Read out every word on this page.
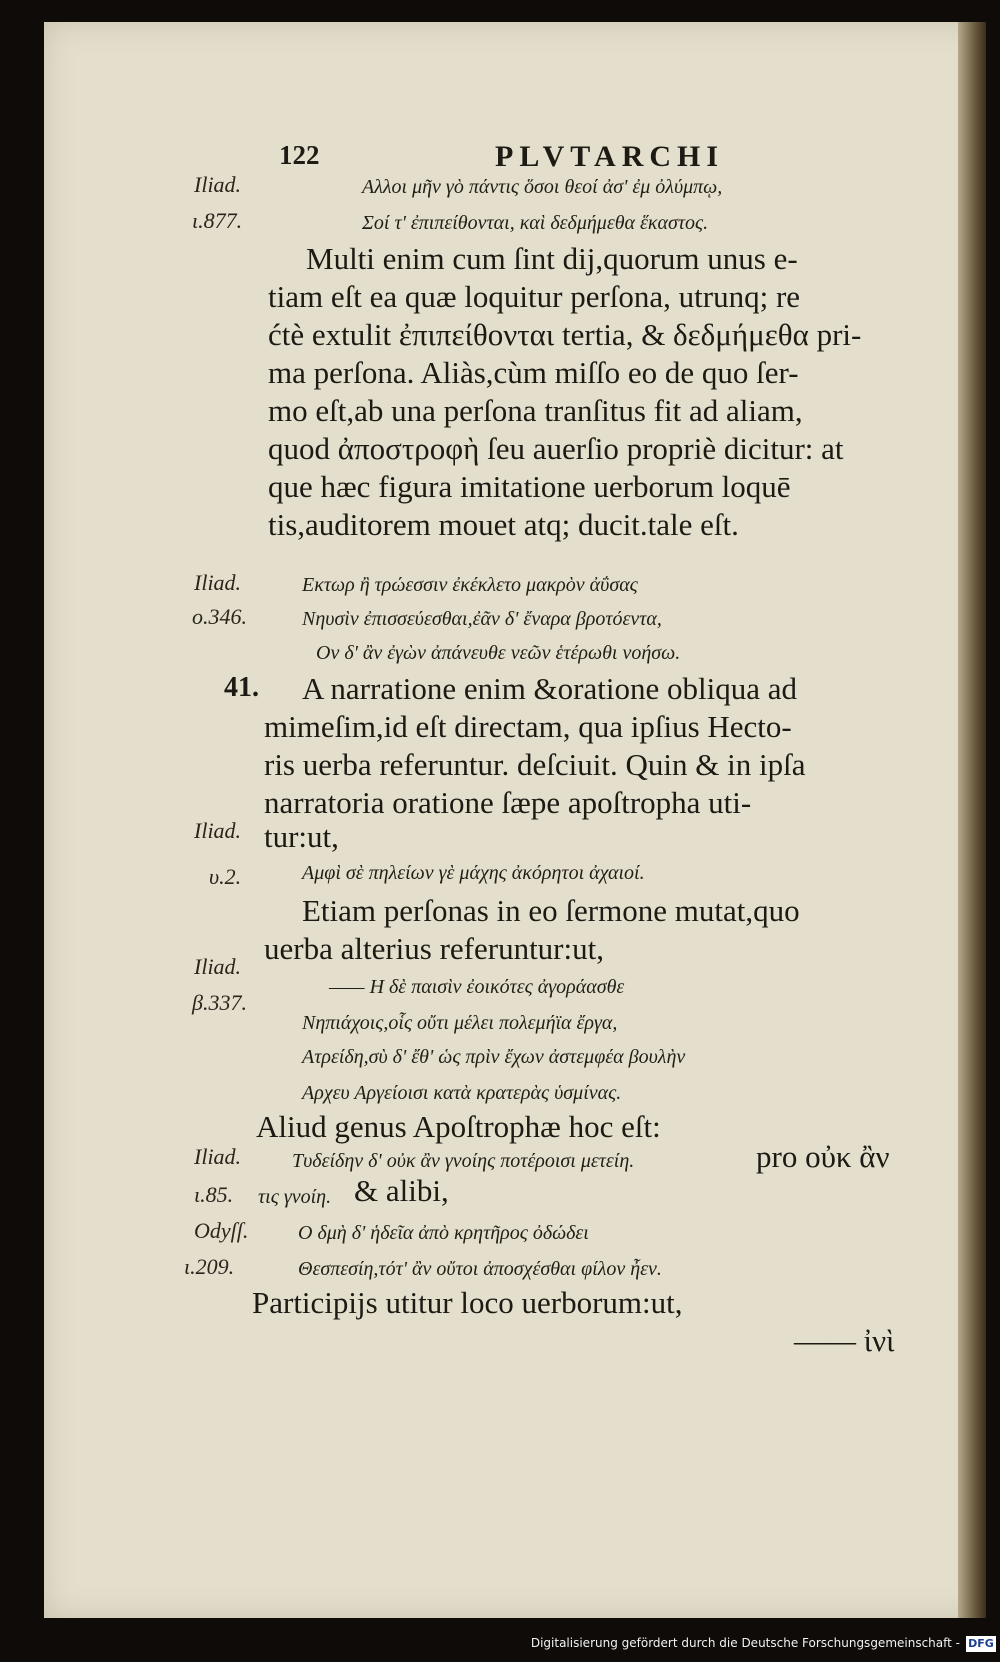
122	PLVTARCHI
Iliad.
ι.877.
Iliad.
ο.346.
Iliad.
υ.2.
Iliad.
β.337.
Iliad.
ι.85.
Odyſſ.
ι.209.
Αλλοι μῆν γὸ πάντις ὅσοι θεοί ἀσ' ἐμ ὀλύμπῳ,
Σοί τ' ἐπιπείθονται, καὶ δεδμήμεθα ἕκαστος.
Multi enim cum ſint dij,quorum unus e-
tiam eſt ea quæ loquitur perſona, utrunq; re
ćtè extulit ἐπιπείθονται tertia, & δεδμήμεθα pri-
ma perſona. Aliàs,cùm miſſo eo de quo ſer-
mo eſt,ab una perſona tranſitus fit ad aliam,
quod ἀποστροφὴ ſeu auerſio propriè dicitur: at
que hæc figura imitatione uerborum loquē
tis,auditorem mouet atq; ducit.tale eſt.
Εκτωρ ἢ τρώεσσιν ἐκέκλετο μακρὸν ἀΰσας
Νηυσὶν ἐπισσεύεσθαι,ἐᾶν δ' ἔναρα βροτόεντα,
Ον δ' ἂν ἐγὼν ἀπάνευθε νεῶν ἑτέρωθι νοήσω.
41. A narratione enim &oratione obliqua ad
mimeſim,id eſt directam, qua ipſius Hecto-
ris uerba referuntur. deſciuit. Quin & in ipſa
narratoria oratione ſæpe apoſtropha uti-
tur:ut,
Αμφὶ σὲ πηλείων γὲ μάχης ἀκόρητοι ἀχαιοί.
Etiam perſonas in eo ſermone mutat,quo
uerba alterius referuntur:ut,
—— Η δὲ παισὶν ἐοικότες ἀγοράασθε
Νηπιάχοις,οἷς οὔτι μέλει πολεμήϊα ἔργα,
Ατρείδη,σὺ δ' ἔθ' ὡς πρὶν ἔχων ἀστεμφέα βουλὴν
Αρχευ Αργείοισι κατὰ κρατερὰς ὑσμίνας.
Aliud genus Apoſtrophæ hoc eſt:
Τυδείδην δ' οὐκ ἂν γνοίης ποτέροισι μετείη.	pro οὐκ ἂν
τις γνοίη. & alibi,
Ο δμὴ δ' ἡδεῖα ἀπὸ κρητῆρος ὀδώδει
Θεσπεσίη,τότ' ἂν οὔτοι ἀποσχέσθαι φίλον ἦεν.
Participijs utitur loco uerborum:ut,
—— ἰνὶ
Digitalisierung gefördert durch die Deutsche Forschungsgemeinschaft - DFG
